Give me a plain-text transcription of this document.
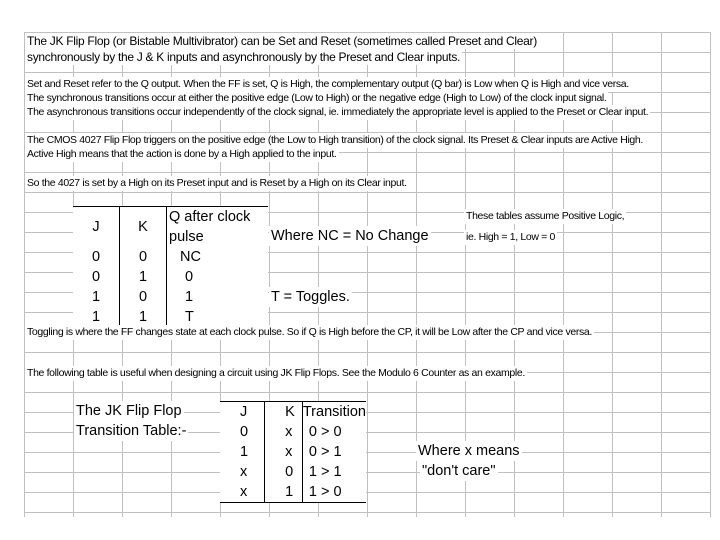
The JK Flip Flop (or Bistable Multivibrator) can be Set and Reset (sometimes called Preset and Clear)
synchronously by the J & K inputs and asynchronously by the Preset and Clear inputs.
Set and Reset refer to the Q output. When the FF is set, Q is High, the complementary output (Q bar) is Low when Q is High and vice versa.
The synchronous transitions occur at either the positive edge (Low to High) or the negative edge (High to Low) of the clock input signal.
The asynchronous transitions occur independently of the clock signal, ie. immediately the appropriate level is applied to the Preset or Clear input.
The CMOS 4027 Flip Flop triggers on the positive edge (the Low to High transition) of the clock signal. Its Preset & Clear inputs are Active High.
Active High means that the action is done by a High applied to the input.
So the 4027 is set by a High on its Preset input and is Reset by a High on its Clear input.
J	K	Q after clock pulse
0	0	NC
0	1	0
1	0	1
1	1	T
Where NC = No Change
T = Toggles.
These tables assume Positive Logic,
ie. High = 1, Low = 0
Toggling is where the FF changes state at each clock pulse. So if Q is High before the CP, it will be Low after the CP and vice versa.
The following table is useful when designing a circuit using JK Flip Flops. See the Modulo 6 Counter as an example.
The JK Flip Flop
Transition Table:-
J	K	Transition
0	x	0 > 0
1	x	0 > 1
x	0	1 > 1
x	1	1 > 0
Where x means
"don't care"
